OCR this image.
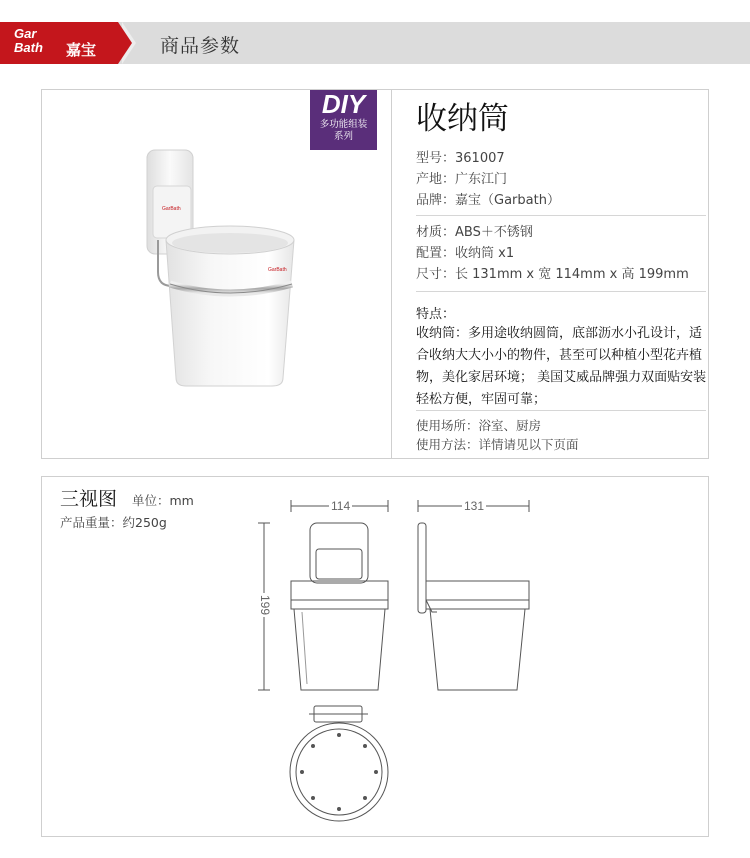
Gar
Bath 嘉宝	商品参数
DIY
多功能组装
系列
GarBath
GarBath
收纳筒
型号：361007
产地：广东江门
品牌：嘉宝（Garbath）
材质：ABS＋不锈钢
配置：收纳筒 x1
尺寸：长 131mm x 宽 114mm x 高 199mm
特点：
收纳筒：多用途收纳圆筒，底部沥水小孔设计，适合收纳大大小小的物件，甚至可以种植小型花卉植物，美化家居环境； 美国艾威品牌强力双面贴安装轻松方便，牢固可靠；
使用场所：浴室、厨房
使用方法：详情请见以下页面
三视图 单位：mm
产品重量：约250g
114	131
199
